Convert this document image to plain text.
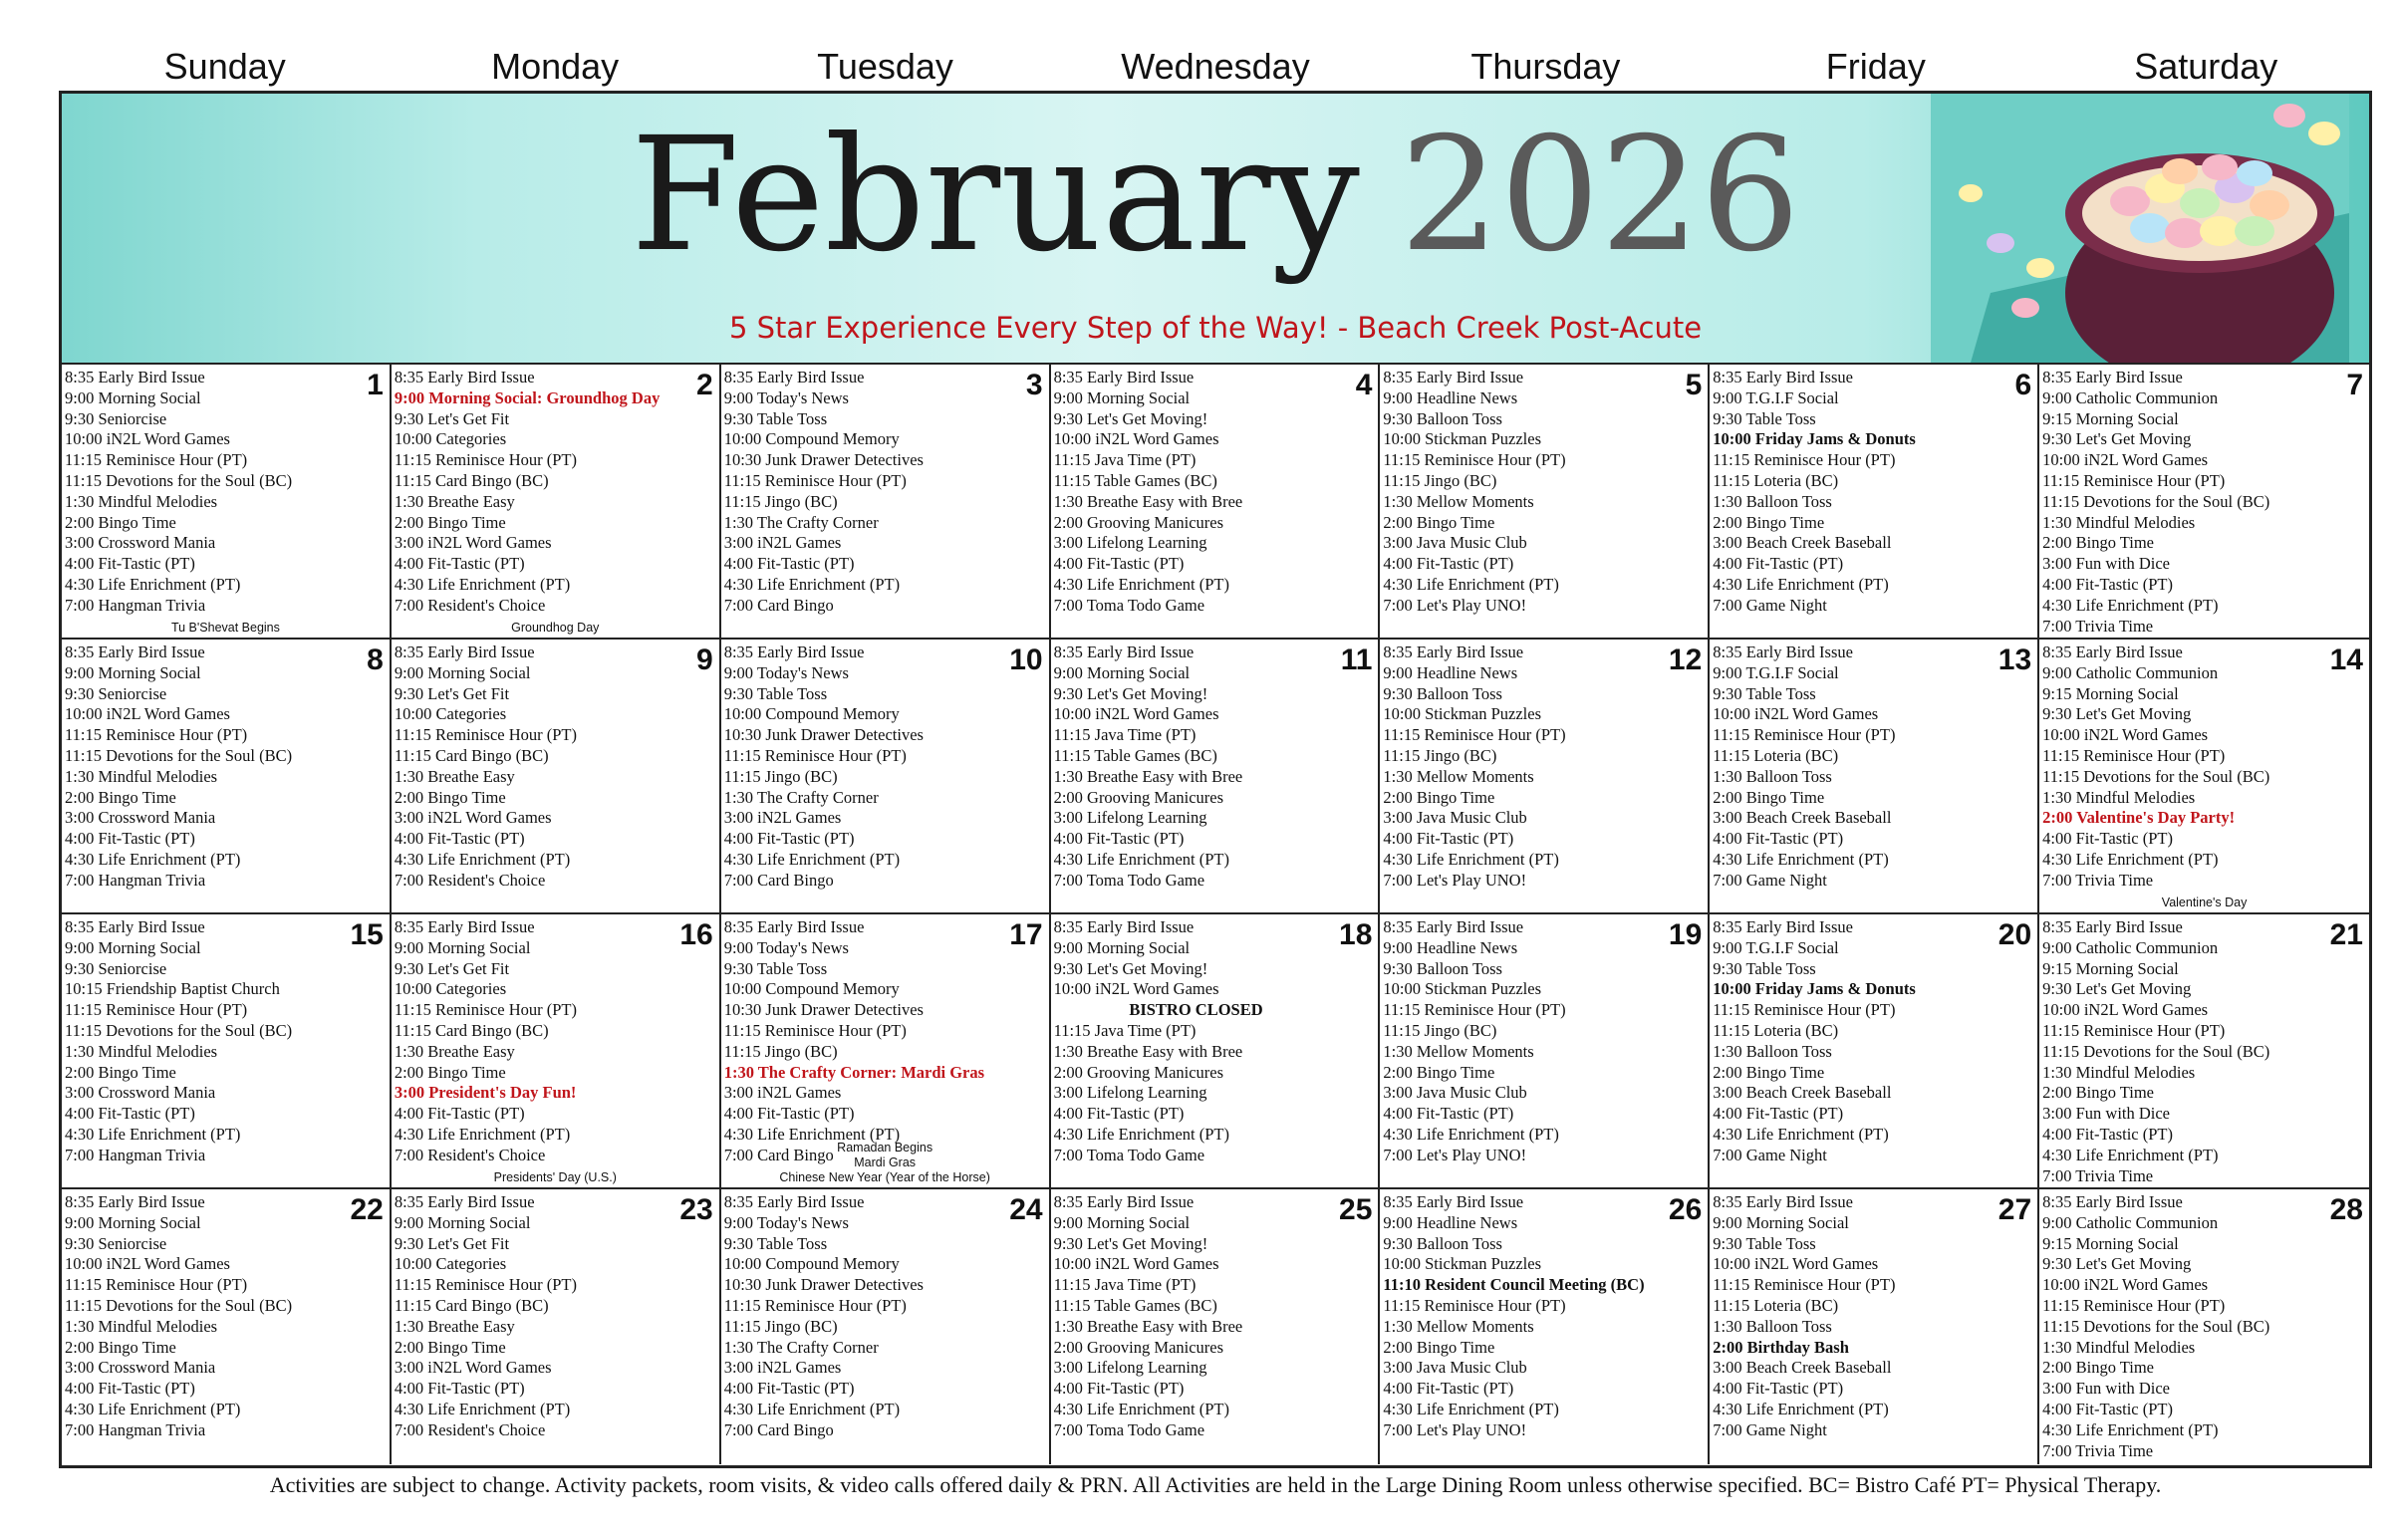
Sunday	Monday	Tuesday	Wednesday	Thursday	Friday	Saturday
February 2026
5 Star Experience Every Step of the Way! - Beach Creek Post-Acute
1
8:35 Early Bird Issue
9:00 Morning Social
9:30 Seniorcise
10:00 iN2L Word Games
11:15 Reminisce Hour (PT)
11:15 Devotions for the Soul (BC)
1:30 Mindful Melodies
2:00 Bingo Time
3:00 Crossword Mania
4:00 Fit-Tastic (PT)
4:30 Life Enrichment (PT)
7:00 Hangman Trivia
Tu B'Shevat Begins
2
8:35 Early Bird Issue
9:00 Morning Social: Groundhog Day
9:30 Let's Get Fit
10:00 Categories
11:15 Reminisce Hour (PT)
11:15 Card Bingo (BC)
1:30 Breathe Easy
2:00 Bingo Time
3:00 iN2L Word Games
4:00 Fit-Tastic (PT)
4:30 Life Enrichment (PT)
7:00 Resident's Choice
Groundhog Day
3
8:35 Early Bird Issue
9:00 Today's News
9:30 Table Toss
10:00 Compound Memory
10:30 Junk Drawer Detectives
11:15 Reminisce Hour (PT)
11:15 Jingo (BC)
1:30 The Crafty Corner
3:00 iN2L Games
4:00 Fit-Tastic (PT)
4:30 Life Enrichment (PT)
7:00 Card Bingo
4
8:35 Early Bird Issue
9:00 Morning Social
9:30 Let's Get Moving!
10:00 iN2L Word Games
11:15 Java Time (PT)
11:15 Table Games (BC)
1:30 Breathe Easy with Bree
2:00 Grooving Manicures
3:00 Lifelong Learning
4:00 Fit-Tastic (PT)
4:30 Life Enrichment (PT)
7:00 Toma Todo Game
5
8:35 Early Bird Issue
9:00 Headline News
9:30 Balloon Toss
10:00 Stickman Puzzles
11:15 Reminisce Hour (PT)
11:15 Jingo (BC)
1:30 Mellow Moments
2:00 Bingo Time
3:00 Java Music Club
4:00 Fit-Tastic (PT)
4:30 Life Enrichment (PT)
7:00 Let's Play UNO!
6
8:35 Early Bird Issue
9:00 T.G.I.F Social
9:30 Table Toss
10:00 Friday Jams & Donuts
11:15 Reminisce Hour (PT)
11:15 Loteria (BC)
1:30 Balloon Toss
2:00 Bingo Time
3:00 Beach Creek Baseball
4:00 Fit-Tastic (PT)
4:30 Life Enrichment (PT)
7:00 Game Night
7
8:35 Early Bird Issue
9:00 Catholic Communion
9:15 Morning Social
9:30 Let's Get Moving
10:00 iN2L Word Games
11:15 Reminisce Hour (PT)
11:15 Devotions for the Soul (BC)
1:30 Mindful Melodies
2:00 Bingo Time
3:00 Fun with Dice
4:00 Fit-Tastic (PT)
4:30 Life Enrichment (PT)
7:00 Trivia Time
8
8:35 Early Bird Issue
9:00 Morning Social
9:30 Seniorcise
10:00 iN2L Word Games
11:15 Reminisce Hour (PT)
11:15 Devotions for the Soul (BC)
1:30 Mindful Melodies
2:00 Bingo Time
3:00 Crossword Mania
4:00 Fit-Tastic (PT)
4:30 Life Enrichment (PT)
7:00 Hangman Trivia
9
8:35 Early Bird Issue
9:00 Morning Social
9:30 Let's Get Fit
10:00 Categories
11:15 Reminisce Hour (PT)
11:15 Card Bingo (BC)
1:30 Breathe Easy
2:00 Bingo Time
3:00 iN2L Word Games
4:00 Fit-Tastic (PT)
4:30 Life Enrichment (PT)
7:00 Resident's Choice
10
8:35 Early Bird Issue
9:00 Today's News
9:30 Table Toss
10:00 Compound Memory
10:30 Junk Drawer Detectives
11:15 Reminisce Hour (PT)
11:15 Jingo (BC)
1:30 The Crafty Corner
3:00 iN2L Games
4:00 Fit-Tastic (PT)
4:30 Life Enrichment (PT)
7:00 Card Bingo
11
8:35 Early Bird Issue
9:00 Morning Social
9:30 Let's Get Moving!
10:00 iN2L Word Games
11:15 Java Time (PT)
11:15 Table Games (BC)
1:30 Breathe Easy with Bree
2:00 Grooving Manicures
3:00 Lifelong Learning
4:00 Fit-Tastic (PT)
4:30 Life Enrichment (PT)
7:00 Toma Todo Game
12
8:35 Early Bird Issue
9:00 Headline News
9:30 Balloon Toss
10:00 Stickman Puzzles
11:15 Reminisce Hour (PT)
11:15 Jingo (BC)
1:30 Mellow Moments
2:00 Bingo Time
3:00 Java Music Club
4:00 Fit-Tastic (PT)
4:30 Life Enrichment (PT)
7:00 Let's Play UNO!
13
8:35 Early Bird Issue
9:00 T.G.I.F Social
9:30 Table Toss
10:00 iN2L Word Games
11:15 Reminisce Hour (PT)
11:15 Loteria (BC)
1:30 Balloon Toss
2:00 Bingo Time
3:00 Beach Creek Baseball
4:00 Fit-Tastic (PT)
4:30 Life Enrichment (PT)
7:00 Game Night
14
8:35 Early Bird Issue
9:00 Catholic Communion
9:15 Morning Social
9:30 Let's Get Moving
10:00 iN2L Word Games
11:15 Reminisce Hour (PT)
11:15 Devotions for the Soul (BC)
1:30 Mindful Melodies
2:00 Valentine's Day Party!
4:00 Fit-Tastic (PT)
4:30 Life Enrichment (PT)
7:00 Trivia Time
Valentine's Day
15
8:35 Early Bird Issue
9:00 Morning Social
9:30 Seniorcise
10:15 Friendship Baptist Church
11:15 Reminisce Hour (PT)
11:15 Devotions for the Soul (BC)
1:30 Mindful Melodies
2:00 Bingo Time
3:00 Crossword Mania
4:00 Fit-Tastic (PT)
4:30 Life Enrichment (PT)
7:00 Hangman Trivia
16
8:35 Early Bird Issue
9:00 Morning Social
9:30 Let's Get Fit
10:00 Categories
11:15 Reminisce Hour (PT)
11:15 Card Bingo (BC)
1:30 Breathe Easy
2:00 Bingo Time
3:00 President's Day Fun!
4:00 Fit-Tastic (PT)
4:30 Life Enrichment (PT)
7:00 Resident's Choice
Presidents' Day (U.S.)
17
8:35 Early Bird Issue
9:00 Today's News
9:30 Table Toss
10:00 Compound Memory
10:30 Junk Drawer Detectives
11:15 Reminisce Hour (PT)
11:15 Jingo (BC)
1:30 The Crafty Corner: Mardi Gras
3:00 iN2L Games
4:00 Fit-Tastic (PT)
4:30 Life Enrichment (PT)
7:00 Card Bingo Ramadan Begins
Mardi Gras
Chinese New Year (Year of the Horse)
18
8:35 Early Bird Issue
9:00 Morning Social
9:30 Let's Get Moving!
10:00 iN2L Word Games
BISTRO CLOSED
11:15 Java Time (PT)
1:30 Breathe Easy with Bree
2:00 Grooving Manicures
3:00 Lifelong Learning
4:00 Fit-Tastic (PT)
4:30 Life Enrichment (PT)
7:00 Toma Todo Game
19
8:35 Early Bird Issue
9:00 Headline News
9:30 Balloon Toss
10:00 Stickman Puzzles
11:15 Reminisce Hour (PT)
11:15 Jingo (BC)
1:30 Mellow Moments
2:00 Bingo Time
3:00 Java Music Club
4:00 Fit-Tastic (PT)
4:30 Life Enrichment (PT)
7:00 Let's Play UNO!
20
8:35 Early Bird Issue
9:00 T.G.I.F Social
9:30 Table Toss
10:00 Friday Jams & Donuts
11:15 Reminisce Hour (PT)
11:15 Loteria (BC)
1:30 Balloon Toss
2:00 Bingo Time
3:00 Beach Creek Baseball
4:00 Fit-Tastic (PT)
4:30 Life Enrichment (PT)
7:00 Game Night
21
8:35 Early Bird Issue
9:00 Catholic Communion
9:15 Morning Social
9:30 Let's Get Moving
10:00 iN2L Word Games
11:15 Reminisce Hour (PT)
11:15 Devotions for the Soul (BC)
1:30 Mindful Melodies
2:00 Bingo Time
3:00 Fun with Dice
4:00 Fit-Tastic (PT)
4:30 Life Enrichment (PT)
7:00 Trivia Time
22
8:35 Early Bird Issue
9:00 Morning Social
9:30 Seniorcise
10:00 iN2L Word Games
11:15 Reminisce Hour (PT)
11:15 Devotions for the Soul (BC)
1:30 Mindful Melodies
2:00 Bingo Time
3:00 Crossword Mania
4:00 Fit-Tastic (PT)
4:30 Life Enrichment (PT)
7:00 Hangman Trivia
23
8:35 Early Bird Issue
9:00 Morning Social
9:30 Let's Get Fit
10:00 Categories
11:15 Reminisce Hour (PT)
11:15 Card Bingo (BC)
1:30 Breathe Easy
2:00 Bingo Time
3:00 iN2L Word Games
4:00 Fit-Tastic (PT)
4:30 Life Enrichment (PT)
7:00 Resident's Choice
24
8:35 Early Bird Issue
9:00 Today's News
9:30 Table Toss
10:00 Compound Memory
10:30 Junk Drawer Detectives
11:15 Reminisce Hour (PT)
11:15 Jingo (BC)
1:30 The Crafty Corner
3:00 iN2L Games
4:00 Fit-Tastic (PT)
4:30 Life Enrichment (PT)
7:00 Card Bingo
25
8:35 Early Bird Issue
9:00 Morning Social
9:30 Let's Get Moving!
10:00 iN2L Word Games
11:15 Java Time (PT)
11:15 Table Games (BC)
1:30 Breathe Easy with Bree
2:00 Grooving Manicures
3:00 Lifelong Learning
4:00 Fit-Tastic (PT)
4:30 Life Enrichment (PT)
7:00 Toma Todo Game
26
8:35 Early Bird Issue
9:00 Headline News
9:30 Balloon Toss
10:00 Stickman Puzzles
11:10 Resident Council Meeting (BC)
11:15 Reminisce Hour (PT)
1:30 Mellow Moments
2:00 Bingo Time
3:00 Java Music Club
4:00 Fit-Tastic (PT)
4:30 Life Enrichment (PT)
7:00 Let's Play UNO!
27
8:35 Early Bird Issue
9:00 Morning Social
9:30 Table Toss
10:00 iN2L Word Games
11:15 Reminisce Hour (PT)
11:15 Loteria (BC)
1:30 Balloon Toss
2:00 Birthday Bash
3:00 Beach Creek Baseball
4:00 Fit-Tastic (PT)
4:30 Life Enrichment (PT)
7:00 Game Night
28
8:35 Early Bird Issue
9:00 Catholic Communion
9:15 Morning Social
9:30 Let's Get Moving
10:00 iN2L Word Games
11:15 Reminisce Hour (PT)
11:15 Devotions for the Soul (BC)
1:30 Mindful Melodies
2:00 Bingo Time
3:00 Fun with Dice
4:00 Fit-Tastic (PT)
4:30 Life Enrichment (PT)
7:00 Trivia Time
Activities are subject to change. Activity packets, room visits, & video calls offered daily & PRN. All Activities are held in the Large Dining Room unless otherwise specified. BC= Bistro Café PT= Physical Therapy.
